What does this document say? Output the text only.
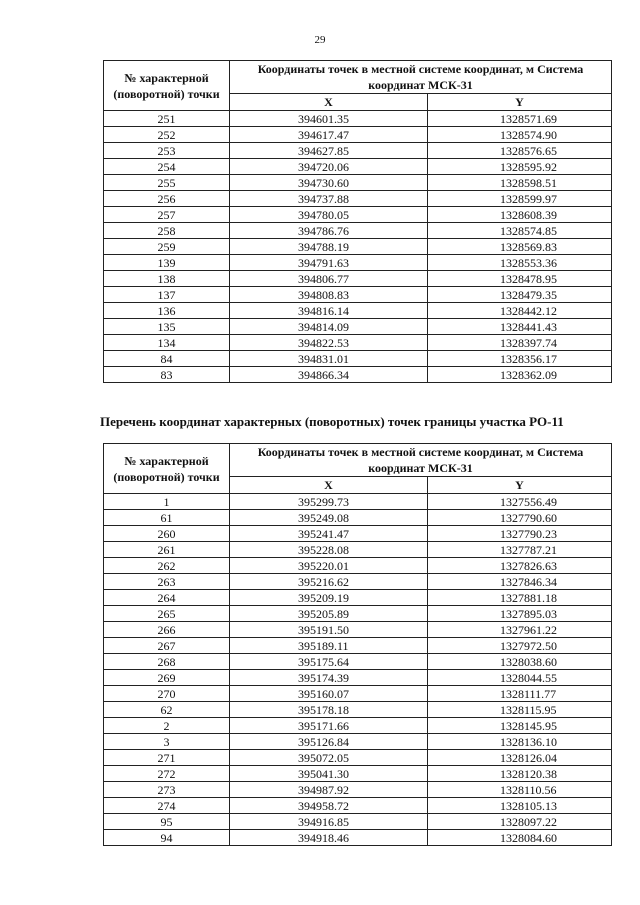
29
№ характерной (поворотной) точки	Координаты точек в местной системе координат, м Система координат МСК-31	
	X	Y
251	394601.35	1328571.69
252	394617.47	1328574.90
253	394627.85	1328576.65
254	394720.06	1328595.92
255	394730.60	1328598.51
256	394737.88	1328599.97
257	394780.05	1328608.39
258	394786.76	1328574.85
259	394788.19	1328569.83
139	394791.63	1328553.36
138	394806.77	1328478.95
137	394808.83	1328479.35
136	394816.14	1328442.12
135	394814.09	1328441.43
134	394822.53	1328397.74
84	394831.01	1328356.17
83	394866.34	1328362.09
Перечень координат характерных (поворотных) точек границы участка РО-11
№ характерной (поворотной) точки	Координаты точек в местной системе координат, м Система координат МСК-31	
	X	Y
1	395299.73	1327556.49
61	395249.08	1327790.60
260	395241.47	1327790.23
261	395228.08	1327787.21
262	395220.01	1327826.63
263	395216.62	1327846.34
264	395209.19	1327881.18
265	395205.89	1327895.03
266	395191.50	1327961.22
267	395189.11	1327972.50
268	395175.64	1328038.60
269	395174.39	1328044.55
270	395160.07	1328111.77
62	395178.18	1328115.95
2	395171.66	1328145.95
3	395126.84	1328136.10
271	395072.05	1328126.04
272	395041.30	1328120.38
273	394987.92	1328110.56
274	394958.72	1328105.13
95	394916.85	1328097.22
94	394918.46	1328084.60
